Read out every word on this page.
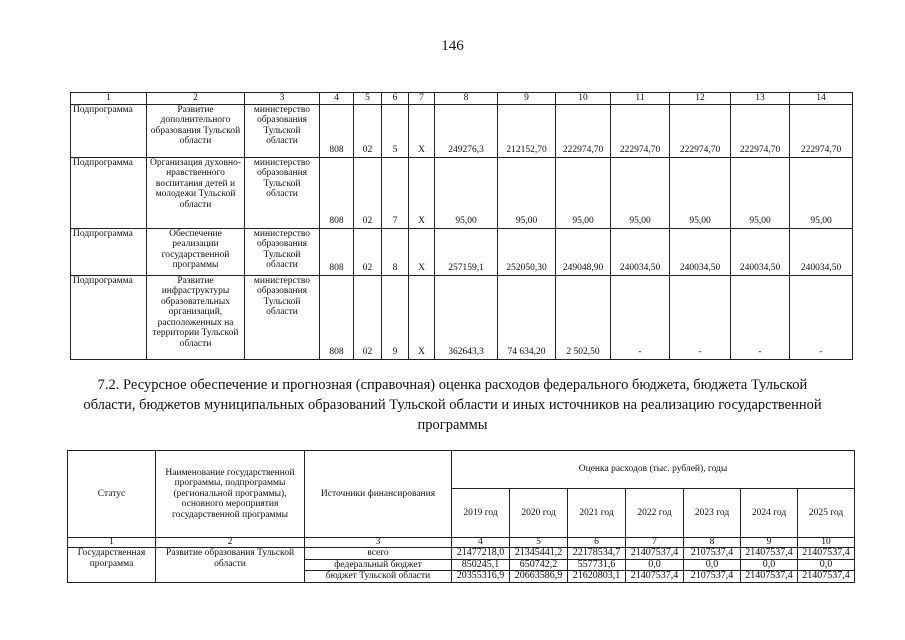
146
1	2	3	4	5	6	7	8	9	10	11	12	13	14
Подпрограмма	Развитие дополнительного образования Тульской области	министерство образования Тульской области	808	02	5	Х	249276,3	212152,70	222974,70	222974,70	222974,70	222974,70	222974,70
Подпрограмма	Организация духовно-нравственного воспитания детей и молодежи Тульской области	министерство образования Тульской области	808	02	7	Х	95,00	95,00	95,00	95,00	95,00	95,00	95,00
Подпрограмма	Обеспечение реализации государственной программы	министерство образования Тульской области	808	02	8	Х	257159,1	252050,30	249048,90	240034,50	240034,50	240034,50	240034,50
Подпрограмма	Развитие инфраструктуры образовательных организаций, расположенных на территории Тульской области	министерство образования Тульской области	808	02	9	Х	362643,3	74 634,20	2 502,50	-	-	-	-
7.2. Ресурсное обеспечение и прогнозная (справочная) оценка расходов федерального бюджета, бюджета Тульской области, бюджетов муниципальных образований Тульской области и иных источников на реализацию государственной программы
Статус	Наименование государственной программы, подпрограммы (региональной программы), основного мероприятия государственной программы	Источники финансирования	Оценка расходов (тыс. рублей), годы						
			2019 год	2020 год	2021 год	2022 год	2023 год	2024 год	2025 год
1	2	3	4	5	6	7	8	9	10
Государственная программа	Развитие образования Тульской области	всего	21477218,0	21345441,2	22178534,7	21407537,4	2107537,4	21407537,4	21407537,4
		федеральный бюджет	850245,1	650742,2	557731,6	0,0	0,0	0,0	0,0
		бюджет Тульской области	20355316,9	20663586,9	21620803,1	21407537,4	2107537,4	21407537,4	21407537,4
